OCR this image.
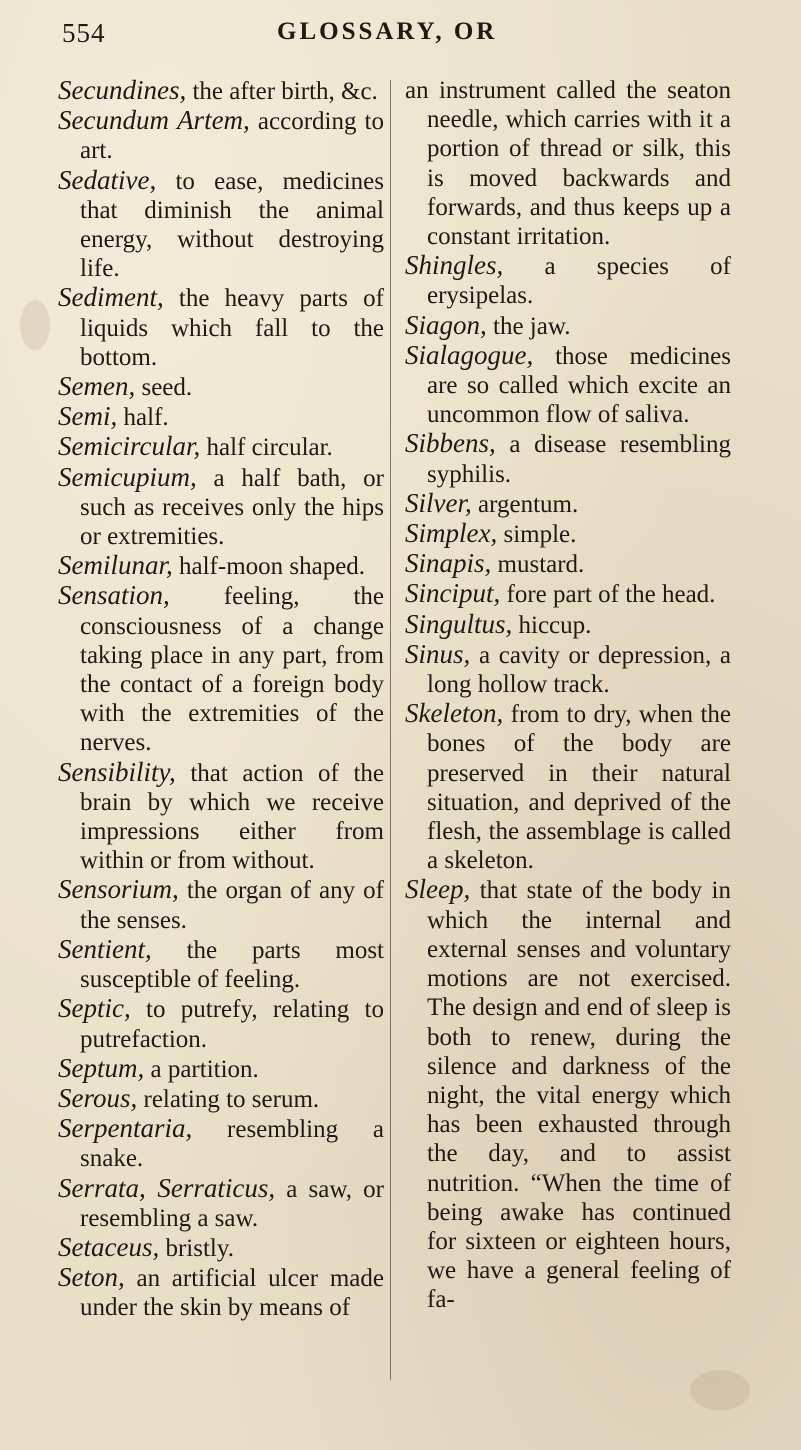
554	GLOSSARY, OR

Secundines, the after birth, &c.

Secundum Artem, according to art.

Sedative, to ease, medicines that diminish the animal energy, without destroying life.

Sediment, the heavy parts of liquids which fall to the bottom.

Semen, seed.

Semi, half.

Semicircular, half circular.

Semicupium, a half bath, or such as receives only the hips or extremities.

Semilunar, half-moon shaped.

Sensation, feeling, the consciousness of a change taking place in any part, from the contact of a foreign body with the extremities of the nerves.

Sensibility, that action of the brain by which we receive impressions either from within or from without.

Sensorium, the organ of any of the senses.

Sentient, the parts most susceptible of feeling.

Septic, to putrefy, relating to putrefaction.

Septum, a partition.

Serous, relating to serum.

Serpentaria, resembling a snake.

Serrata, Serraticus, a saw, or resembling a saw.

Setaceus, bristly.

Seton, an artificial ulcer made under the skin by means of

an instrument called the seaton needle, which carries with it a portion of thread or silk, this is moved backwards and forwards, and thus keeps up a constant irritation.

Shingles, a species of erysipelas.

Siagon, the jaw.

Sialagogue, those medicines are so called which excite an uncommon flow of saliva.

Sibbens, a disease resembling syphilis.

Silver, argentum.

Simplex, simple.

Sinapis, mustard.

Sinciput, fore part of the head.

Singultus, hiccup.

Sinus, a cavity or depression, a long hollow track.

Skeleton, from to dry, when the bones of the body are preserved in their natural situation, and deprived of the flesh, the assemblage is called a skeleton.

Sleep, that state of the body in which the internal and external senses and voluntary motions are not exercised. The design and end of sleep is both to renew, during the silence and darkness of the night, the vital energy which has been exhausted through the day, and to assist nutrition. “When the time of being awake has continued for sixteen or eighteen hours, we have a general feeling of fa-
